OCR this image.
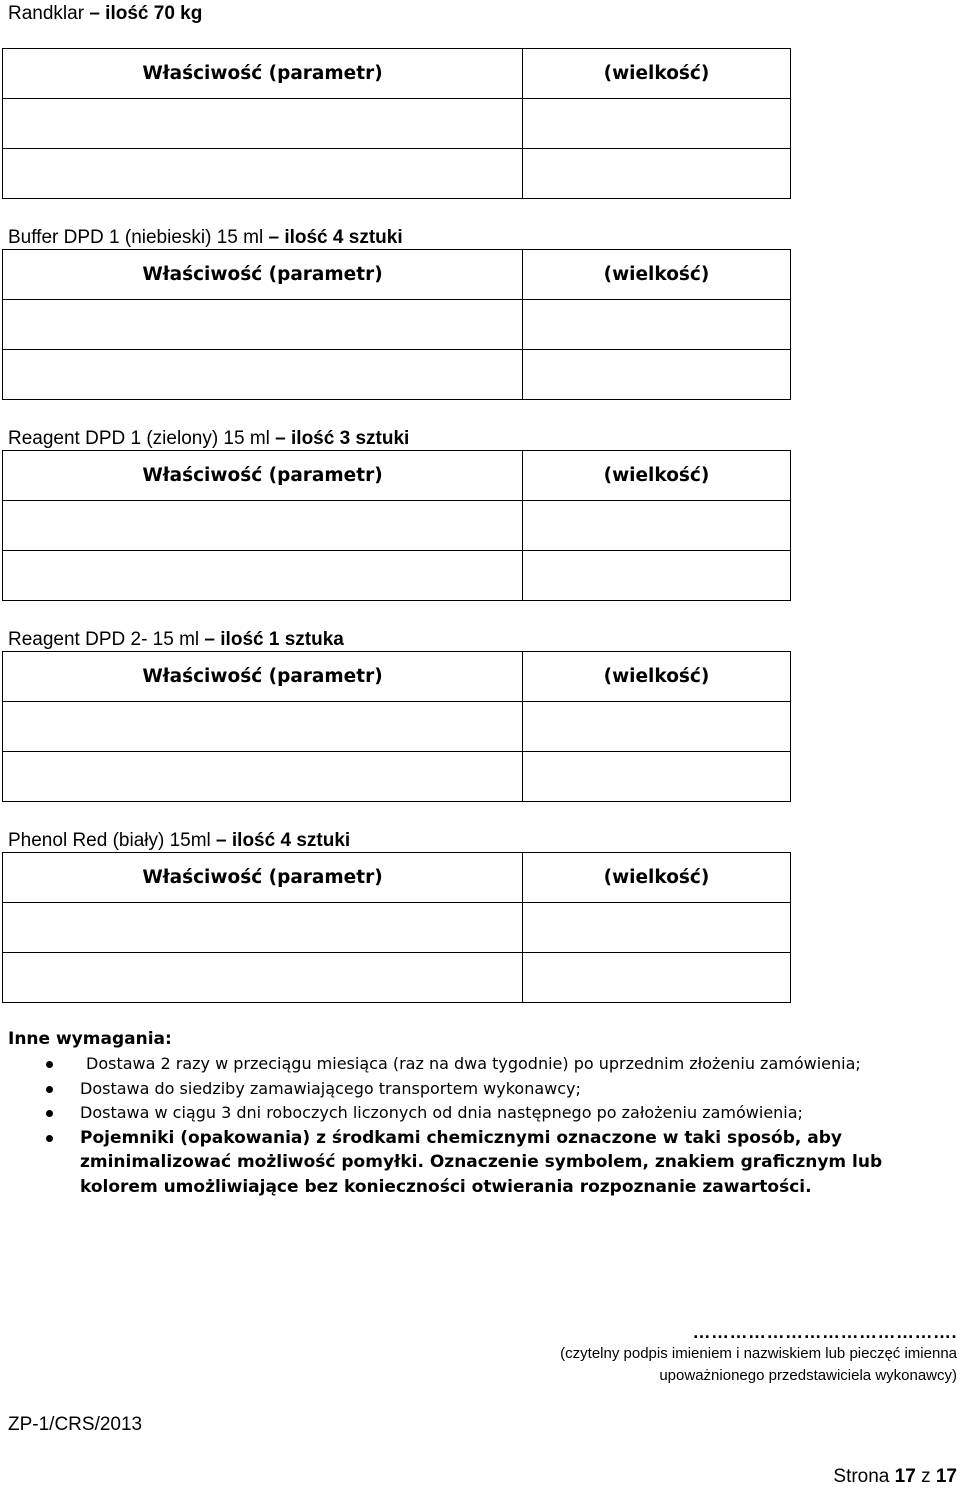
Randklar – ilość 70 kg
Właściwość (parametr)	(wielkość)

Buffer DPD 1 (niebieski) 15 ml – ilość 4 sztuki
Właściwość (parametr)	(wielkość)

Reagent DPD 1 (zielony) 15 ml – ilość 3 sztuki
Właściwość (parametr)	(wielkość)

Reagent DPD 2- 15 ml – ilość 1 sztuka
Właściwość (parametr)	(wielkość)

Phenol Red (biały) 15ml – ilość 4 sztuki
Właściwość (parametr)	(wielkość)

Inne wymagania:
Dostawa 2 razy w przeciągu miesiąca (raz na dwa tygodnie) po uprzednim złożeniu zamówienia;
Dostawa do siedziby zamawiającego transportem wykonawcy;
Dostawa w ciągu 3 dni roboczych liczonych od dnia następnego po założeniu zamówienia;
Pojemniki (opakowania) z środkami chemicznymi oznaczone w taki sposób, aby zminimalizować możliwość pomyłki. Oznaczenie symbolem, znakiem graficznym lub kolorem umożliwiające bez konieczności otwierania rozpoznanie zawartości.
…………………………………….
(czytelny podpis imieniem i nazwiskiem lub pieczęć imienna
upoważnionego przedstawiciela wykonawcy)
ZP-1/CRS/2013
Strona 17 z 17
